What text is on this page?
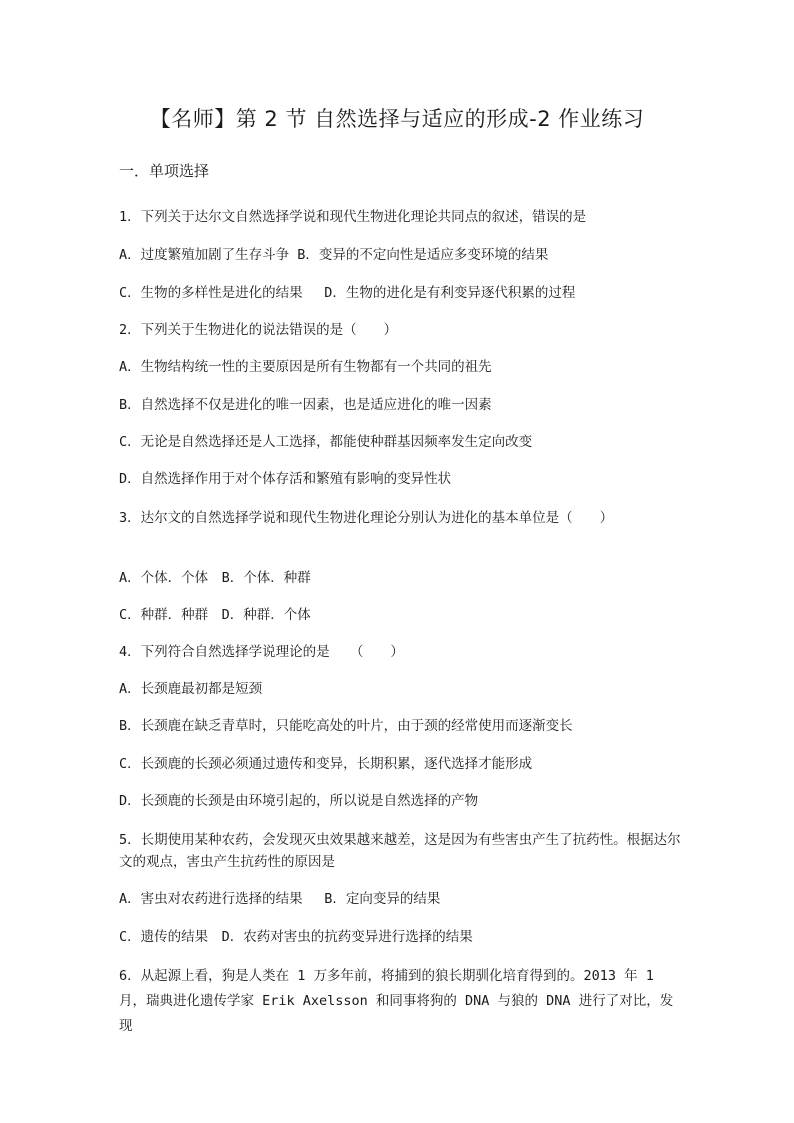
【名师】第 2 节 自然选择与适应的形成-2 作业练习
一．单项选择
1．下列关于达尔文自然选择学说和现代生物进化理论共同点的叙述，错误的是
A．过度繁殖加剧了生存斗争 B．变异的不定向性是适应多变环境的结果
C．生物的多样性是进化的结果　 D．生物的进化是有利变异逐代积累的过程
2．下列关于生物进化的说法错误的是（　　）
A．生物结构统一性的主要原因是所有生物都有一个共同的祖先
B．自然选择不仅是进化的唯一因素，也是适应进化的唯一因素
C．无论是自然选择还是人工选择，都能使种群基因频率发生定向改变
D．自然选择作用于对个体存活和繁殖有影响的变异性状
3．达尔文的自然选择学说和现代生物进化理论分别认为进化的基本单位是（　　）
A．个体．个体　B．个体．种群
C．种群．种群　D．种群．个体
4．下列符合自然选择学说理论的是　　（　　）
A．长颈鹿最初都是短颈
B．长颈鹿在缺乏青草时，只能吃高处的叶片，由于颈的经常使用而逐渐变长
C．长颈鹿的长颈必须通过遗传和变异，长期积累，逐代选择才能形成
D．长颈鹿的长颈是由环境引起的，所以说是自然选择的产物
5．长期使用某种农药，会发现灭虫效果越来越差，这是因为有些害虫产生了抗药性。根据达尔文的观点，害虫产生抗药性的原因是
A．害虫对农药进行选择的结果　 B．定向变异的结果
C．遗传的结果　D．农药对害虫的抗药变异进行选择的结果
6．从起源上看，狗是人类在 1 万多年前，将捕到的狼长期驯化培育得到的。2013 年 1 月，瑞典进化遗传学家 Erik Axelsson 和同事将狗的 DNA 与狼的 DNA 进行了对比，发现
